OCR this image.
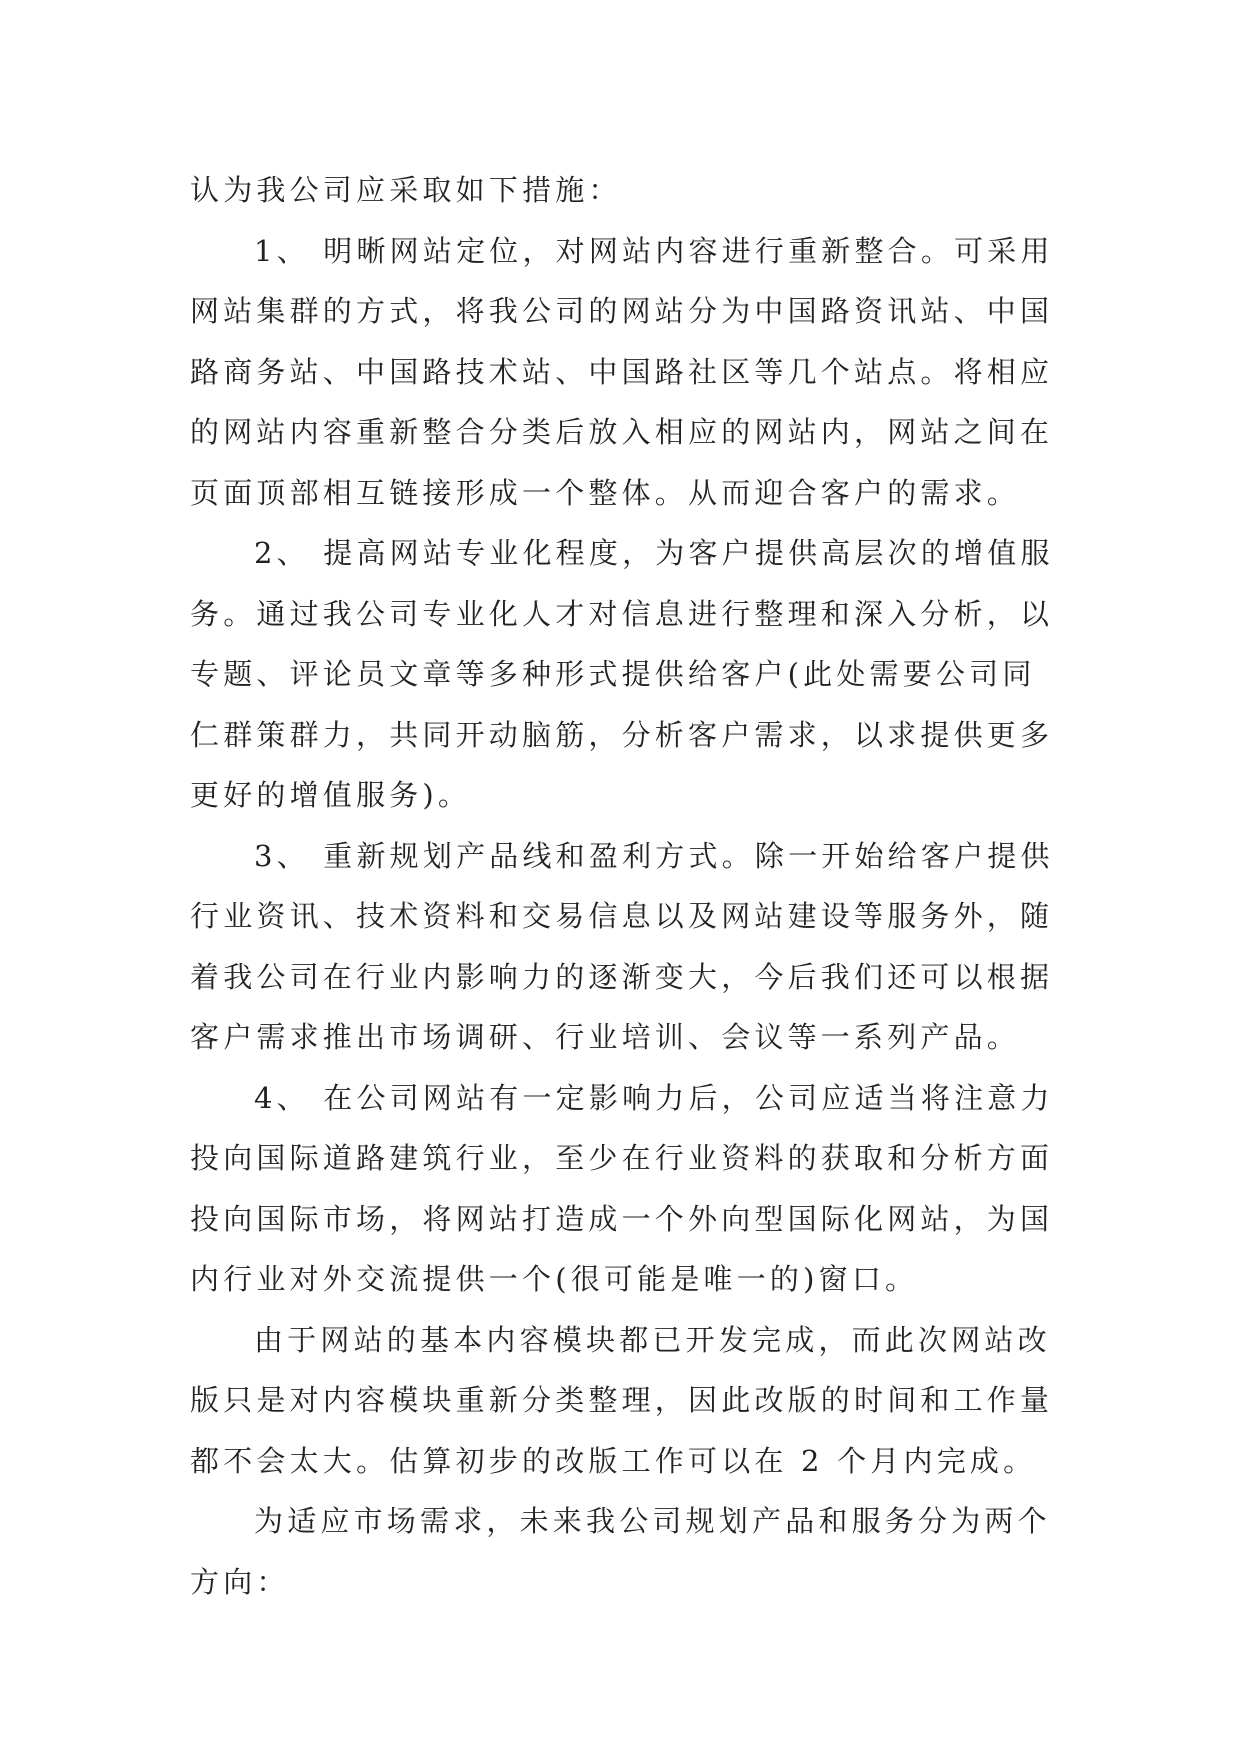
认为我公司应采取如下措施：
1、 明晰网站定位，对网站内容进行重新整合。可采用
网站集群的方式，将我公司的网站分为中国路资讯站、中国
路商务站、中国路技术站、中国路社区等几个站点。将相应
的网站内容重新整合分类后放入相应的网站内，网站之间在
页面顶部相互链接形成一个整体。从而迎合客户的需求。
2、 提高网站专业化程度，为客户提供高层次的增值服
务。通过我公司专业化人才对信息进行整理和深入分析，以
专题、评论员文章等多种形式提供给客户(此处需要公司同
仁群策群力，共同开动脑筋，分析客户需求，以求提供更多
更好的增值服务)。
3、 重新规划产品线和盈利方式。除一开始给客户提供
行业资讯、技术资料和交易信息以及网站建设等服务外，随
着我公司在行业内影响力的逐渐变大，今后我们还可以根据
客户需求推出市场调研、行业培训、会议等一系列产品。
4、 在公司网站有一定影响力后，公司应适当将注意力
投向国际道路建筑行业，至少在行业资料的获取和分析方面
投向国际市场，将网站打造成一个外向型国际化网站，为国
内行业对外交流提供一个(很可能是唯一的)窗口。
由于网站的基本内容模块都已开发完成，而此次网站改
版只是对内容模块重新分类整理，因此改版的时间和工作量
都不会太大。估算初步的改版工作可以在 2 个月内完成。
为适应市场需求，未来我公司规划产品和服务分为两个
方向：
